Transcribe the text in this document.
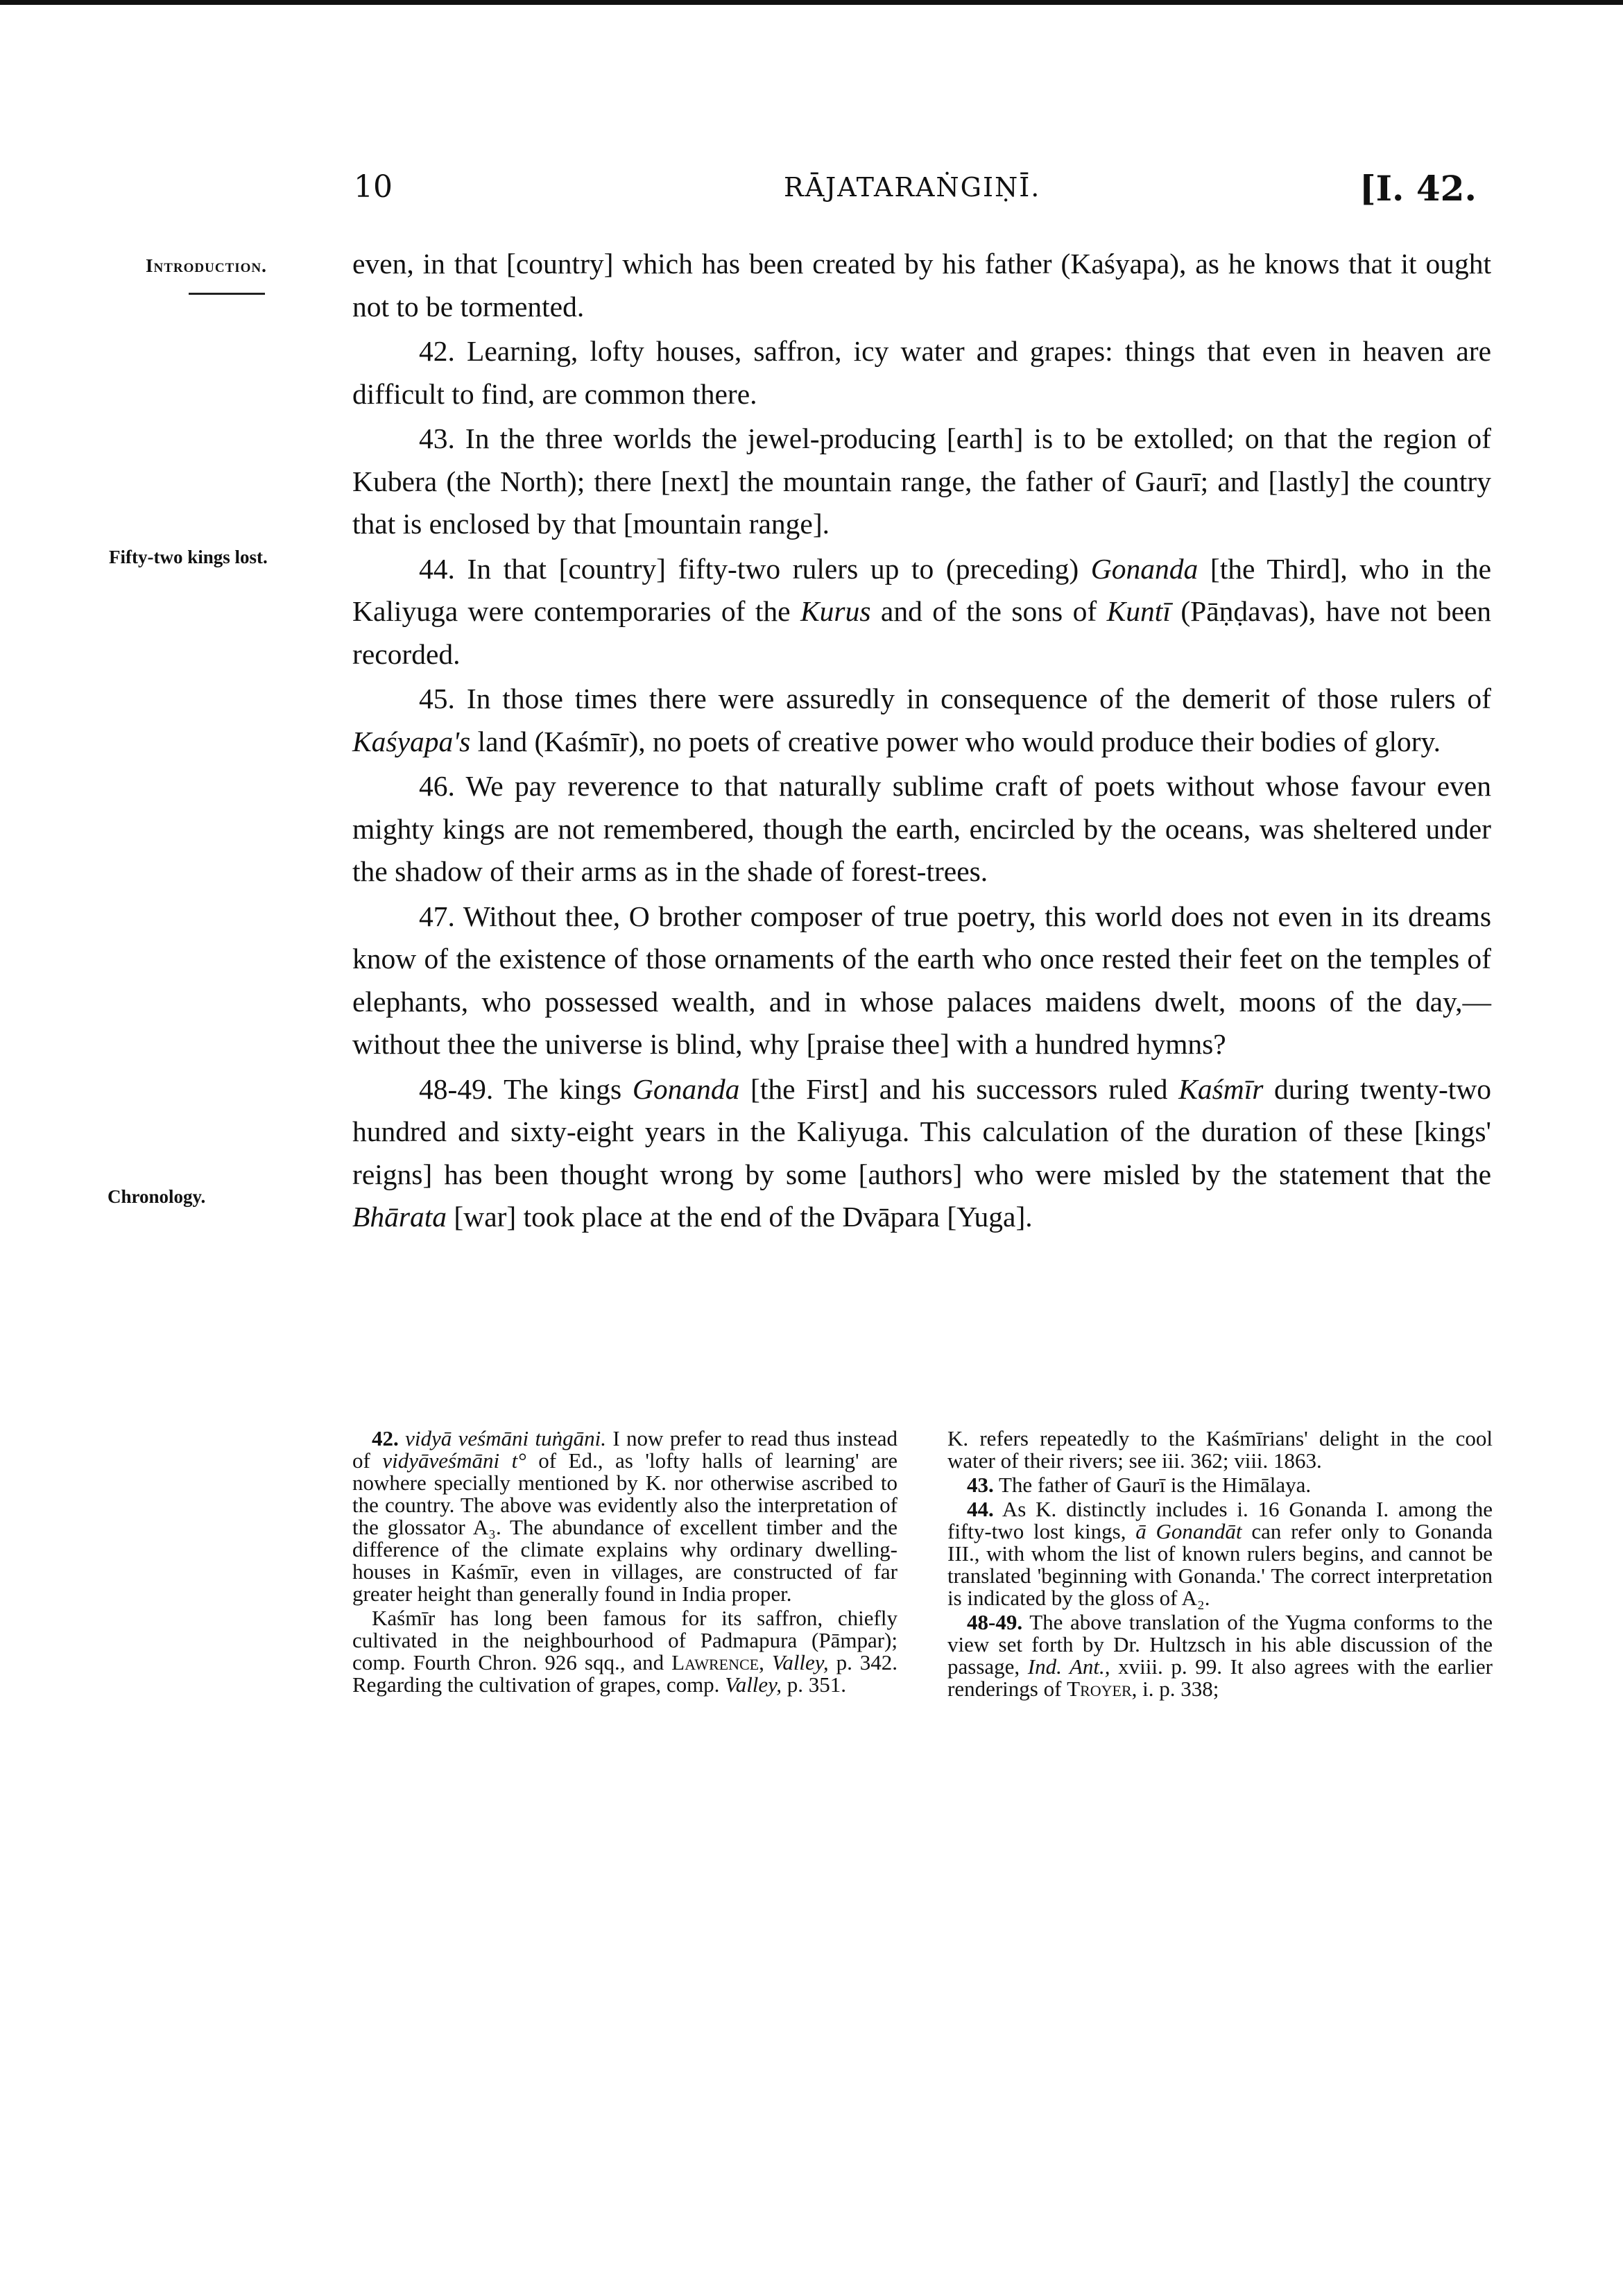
10	RĀJATARAṄGIṆĪ.	[I. 42.
Introduction.
Fifty-two kings lost.
Chronology.

even, in that [country] which has been created by his father (Kaśyapa), as he knows that it ought not to be tormented.

42. Learning, lofty houses, saffron, icy water and grapes: things that even in heaven are difficult to find, are common there.

43. In the three worlds the jewel-producing [earth] is to be extolled; on that the region of Kubera (the North); there [next] the mountain range, the father of Gaurī; and [lastly] the country that is enclosed by that [mountain range].

44. In that [country] fifty-two rulers up to (preceding) Gonanda [the Third], who in the Kaliyuga were contemporaries of the Kurus and of the sons of Kuntī (Pāṇḍavas), have not been recorded.

45. In those times there were assuredly in consequence of the demerit of those rulers of Kaśyapa's land (Kaśmīr), no poets of creative power who would produce their bodies of glory.

46. We pay reverence to that naturally sublime craft of poets without whose favour even mighty kings are not remembered, though the earth, encircled by the oceans, was sheltered under the shadow of their arms as in the shade of forest-trees.

47. Without thee, O brother composer of true poetry, this world does not even in its dreams know of the existence of those ornaments of the earth who once rested their feet on the temples of elephants, who possessed wealth, and in whose palaces maidens dwelt, moons of the day,—without thee the universe is blind, why [praise thee] with a hundred hymns?

48-49. The kings Gonanda [the First] and his successors ruled Kaśmīr during twenty-two hundred and sixty-eight years in the Kaliyuga. This calculation of the duration of these [kings' reigns] has been thought wrong by some [authors] who were misled by the statement that the Bhārata [war] took place at the end of the Dvāpara [Yuga].

42. vidyā veśmāni tuṅgāni. I now prefer to read thus instead of vidyāveśmāni t° of Ed., as 'lofty halls of learning' are nowhere specially mentioned by K. nor otherwise ascribed to the country. The above was evidently also the interpretation of the glossator A₃. The abundance of excellent timber and the difference of the climate explains why ordinary dwelling-houses in Kaśmīr, even in villages, are constructed of far greater height than generally found in India proper.

Kaśmīr has long been famous for its saffron, chiefly cultivated in the neighbourhood of Padmapura (Pāmpar); comp. Fourth Chron. 926 sqq., and Lawrence, Valley, p. 342. Regarding the cultivation of grapes, comp. Valley, p. 351.

K. refers repeatedly to the Kaśmīrians' delight in the cool water of their rivers; see iii. 362; viii. 1863.

43. The father of Gaurī is the Himālaya.

44. As K. distinctly includes i. 16 Gonanda I. among the fifty-two lost kings, ā Gonandāt can refer only to Gonanda III., with whom the list of known rulers begins, and cannot be translated 'beginning with Gonanda.' The correct interpretation is indicated by the gloss of A₂.

48-49. The above translation of the Yugma conforms to the view set forth by Dr. Hultzsch in his able discussion of the passage, Ind. Ant., xviii. p. 99. It also agrees with the earlier renderings of Troyer, i. p. 338;
